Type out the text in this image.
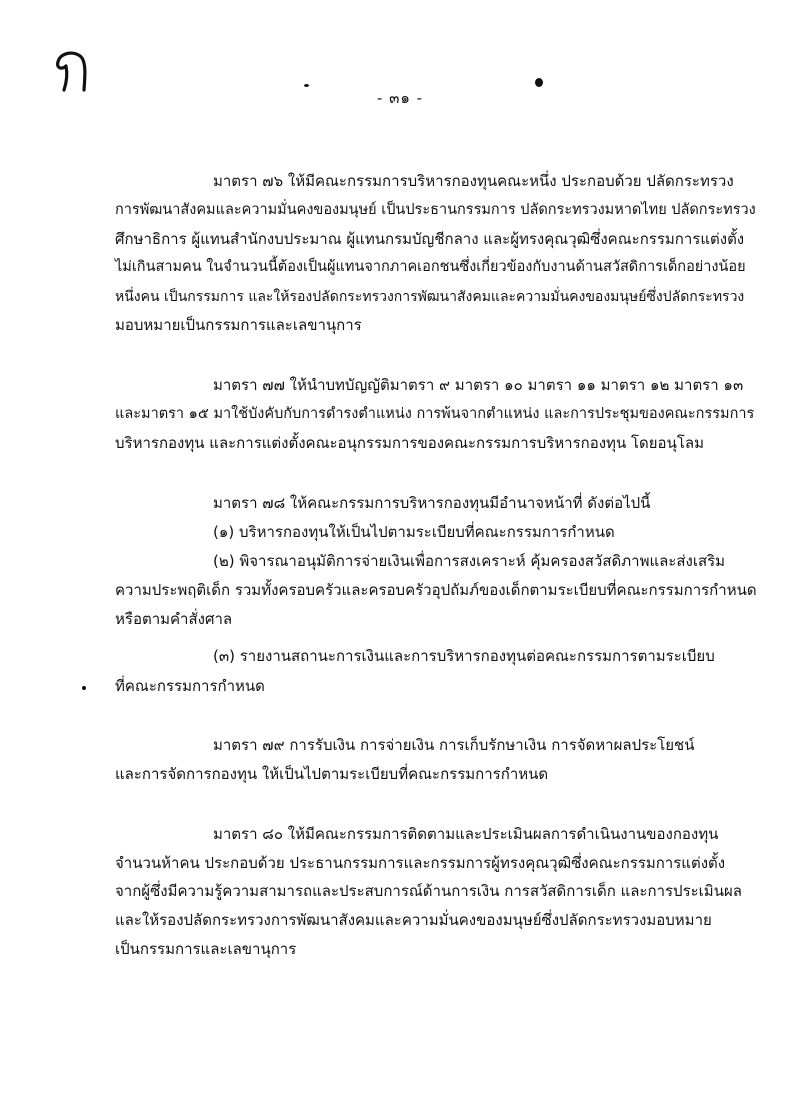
- ๓๑ -

มาตรา ๗๖ ให้มีคณะกรรมการบริหารกองทุนคณะหนึ่ง ประกอบด้วย ปลัดกระทรวง

การพัฒนาสังคมและความมั่นคงของมนุษย์ เป็นประธานกรรมการ ปลัดกระทรวงมหาดไทย ปลัดกระทรวง

ศึกษาธิการ ผู้แทนสำนักงบประมาณ ผู้แทนกรมบัญชีกลาง และผู้ทรงคุณวุฒิซึ่งคณะกรรมการแต่งตั้ง

ไม่เกินสามคน ในจำนวนนี้ต้องเป็นผู้แทนจากภาคเอกชนซึ่งเกี่ยวข้องกับงานด้านสวัสดิการเด็กอย่างน้อย

หนึ่งคน เป็นกรรมการ และให้รองปลัดกระทรวงการพัฒนาสังคมและความมั่นคงของมนุษย์ซึ่งปลัดกระทรวง

มอบหมายเป็นกรรมการและเลขานุการ

มาตรา ๗๗ ให้นำบทบัญญัติมาตรา ๙ มาตรา ๑๐ มาตรา ๑๑ มาตรา ๑๒ มาตรา ๑๓

และมาตรา ๑๕ มาใช้บังคับกับการดำรงตำแหน่ง การพ้นจากตำแหน่ง และการประชุมของคณะกรรมการ

บริหารกองทุน และการแต่งตั้งคณะอนุกรรมการของคณะกรรมการบริหารกองทุน โดยอนุโลม

มาตรา ๗๘ ให้คณะกรรมการบริหารกองทุนมีอำนาจหน้าที่ ดังต่อไปนี้

(๑) บริหารกองทุนให้เป็นไปตามระเบียบที่คณะกรรมการกำหนด

(๒) พิจารณาอนุมัติการจ่ายเงินเพื่อการสงเคราะห์ คุ้มครองสวัสดิภาพและส่งเสริม

ความประพฤติเด็ก รวมทั้งครอบครัวและครอบครัวอุปถัมภ์ของเด็กตามระเบียบที่คณะกรรมการกำหนด

หรือตามคำสั่งศาล

(๓) รายงานสถานะการเงินและการบริหารกองทุนต่อคณะกรรมการตามระเบียบ

ที่คณะกรรมการกำหนด

มาตรา ๗๙ การรับเงิน การจ่ายเงิน การเก็บรักษาเงิน การจัดหาผลประโยชน์

และการจัดการกองทุน ให้เป็นไปตามระเบียบที่คณะกรรมการกำหนด

มาตรา ๘๐ ให้มีคณะกรรมการติดตามและประเมินผลการดำเนินงานของกองทุน

จำนวนห้าคน ประกอบด้วย ประธานกรรมการและกรรมการผู้ทรงคุณวุฒิซึ่งคณะกรรมการแต่งตั้ง

จากผู้ซึ่งมีความรู้ความสามารถและประสบการณ์ด้านการเงิน การสวัสดิการเด็ก และการประเมินผล

และให้รองปลัดกระทรวงการพัฒนาสังคมและความมั่นคงของมนุษย์ซึ่งปลัดกระทรวงมอบหมาย

เป็นกรรมการและเลขานุการ
